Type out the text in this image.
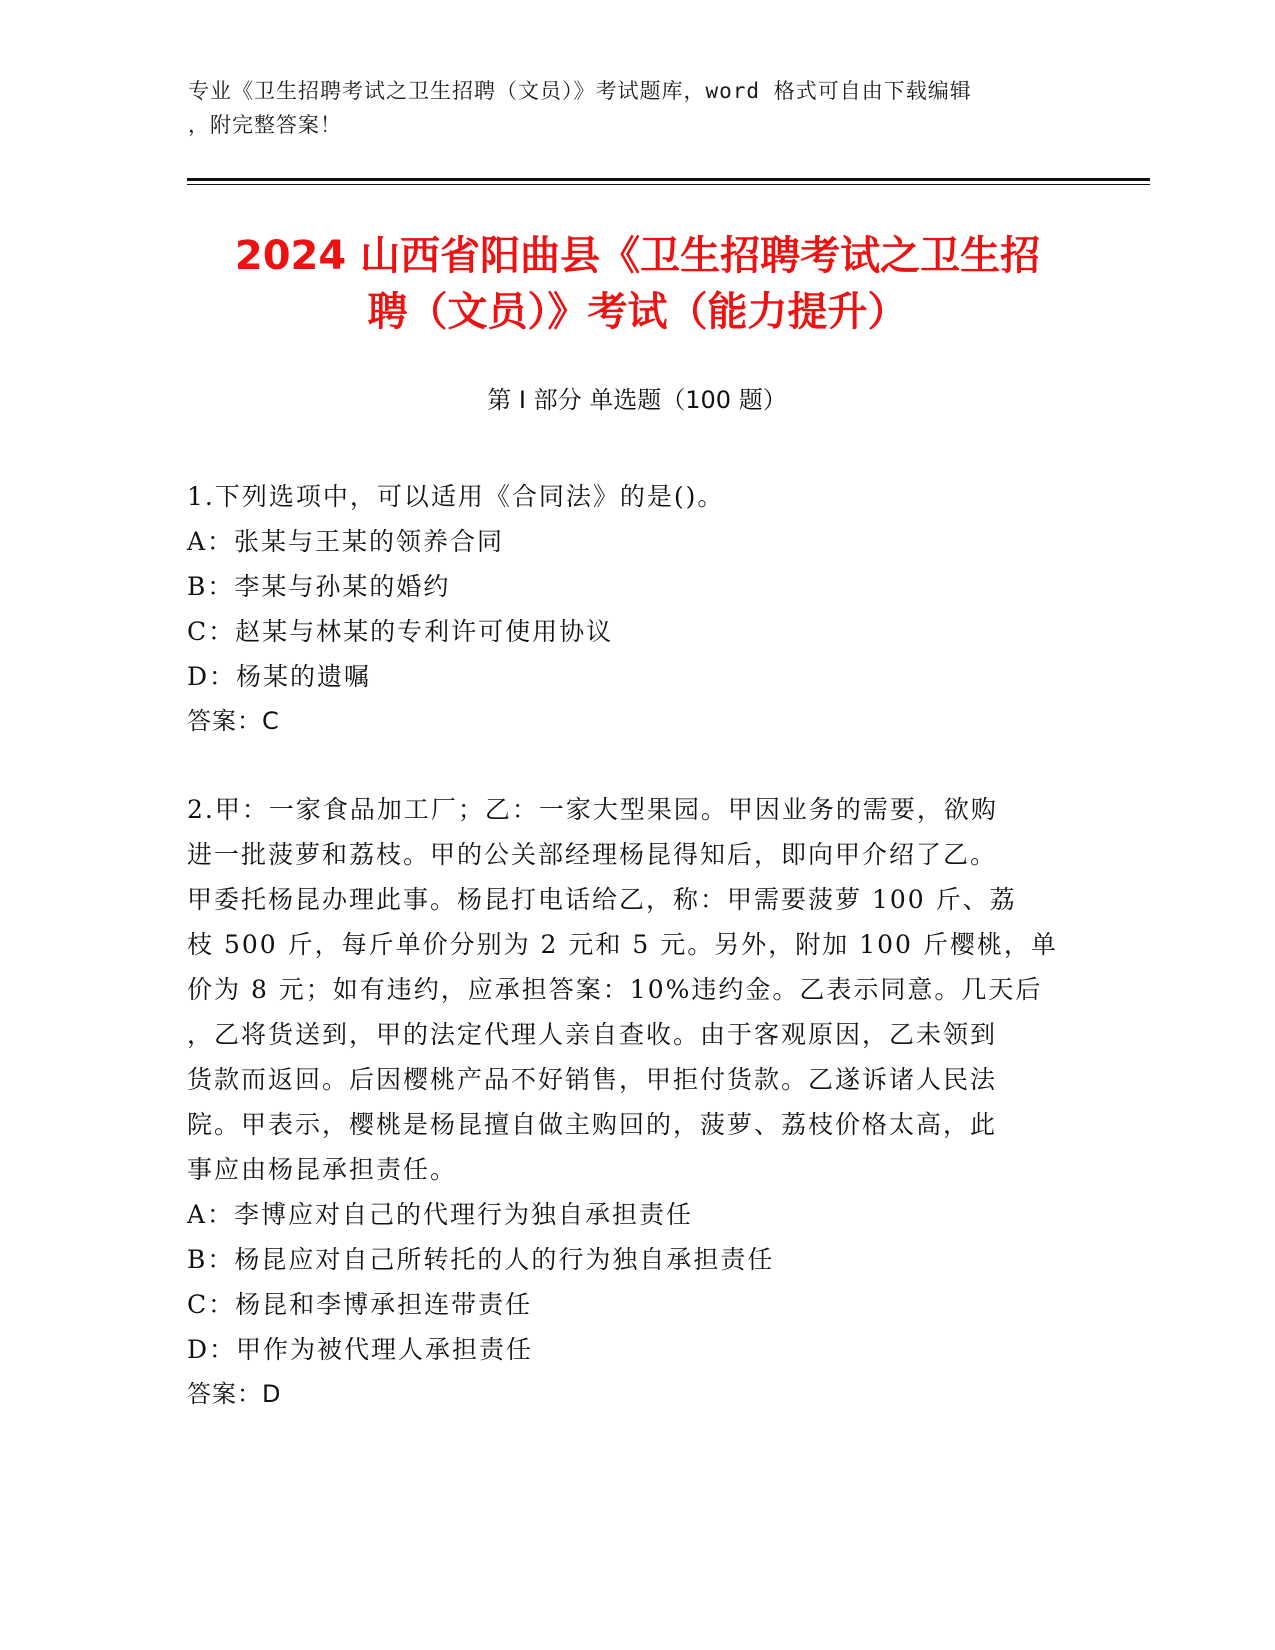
专业《卫生招聘考试之卫生招聘（文员）》考试题库，word 格式可自由下载编辑
，附完整答案！
2024 山西省阳曲县《卫生招聘考试之卫生招
聘（文员）》考试（能力提升）
第 I 部分 单选题（100 题）
1.下列选项中，可以适用《合同法》的是()。
A：张某与王某的领养合同
B：李某与孙某的婚约
C：赵某与林某的专利许可使用协议
D：杨某的遗嘱
答案：C
2.甲：一家食品加工厂；乙：一家大型果园。甲因业务的需要，欲购
进一批菠萝和荔枝。甲的公关部经理杨昆得知后，即向甲介绍了乙。
甲委托杨昆办理此事。杨昆打电话给乙，称：甲需要菠萝 100 斤、荔
枝 500 斤，每斤单价分别为 2 元和 5 元。另外，附加 100 斤樱桃，单
价为 8 元；如有违约，应承担答案：10%违约金。乙表示同意。几天后
，乙将货送到，甲的法定代理人亲自查收。由于客观原因，乙未领到
货款而返回。后因樱桃产品不好销售，甲拒付货款。乙遂诉诸人民法
院。甲表示，樱桃是杨昆擅自做主购回的，菠萝、荔枝价格太高，此
事应由杨昆承担责任。
A：李博应对自己的代理行为独自承担责任
B：杨昆应对自己所转托的人的行为独自承担责任
C：杨昆和李博承担连带责任
D：甲作为被代理人承担责任
答案：D
